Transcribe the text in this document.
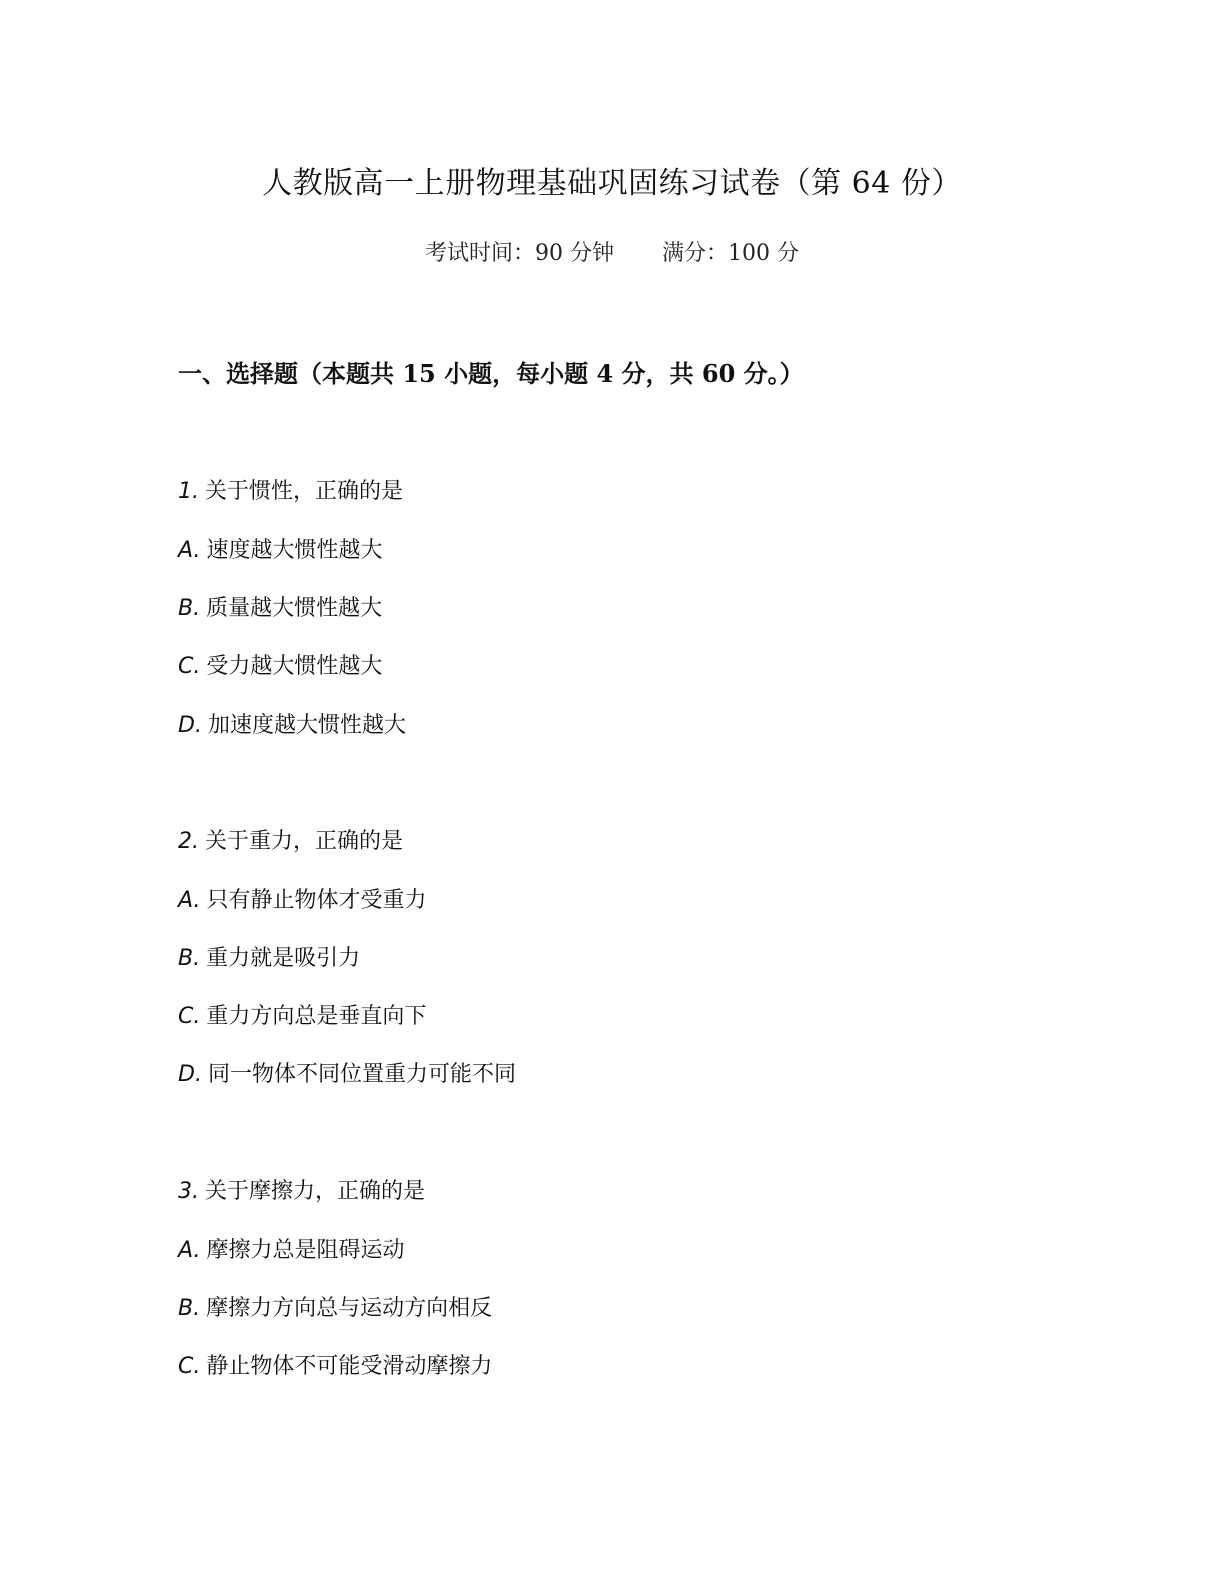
人教版高一上册物理基础巩固练习试卷（第 64 份）
考试时间：90 分钟 满分：100 分
一、选择题（本题共 15 小题，每小题 4 分，共 60 分。）
1. 关于惯性，正确的是
A. 速度越大惯性越大
B. 质量越大惯性越大
C. 受力越大惯性越大
D. 加速度越大惯性越大
2. 关于重力，正确的是
A. 只有静止物体才受重力
B. 重力就是吸引力
C. 重力方向总是垂直向下
D. 同一物体不同位置重力可能不同
3. 关于摩擦力，正确的是
A. 摩擦力总是阻碍运动
B. 摩擦力方向总与运动方向相反
C. 静止物体不可能受滑动摩擦力
